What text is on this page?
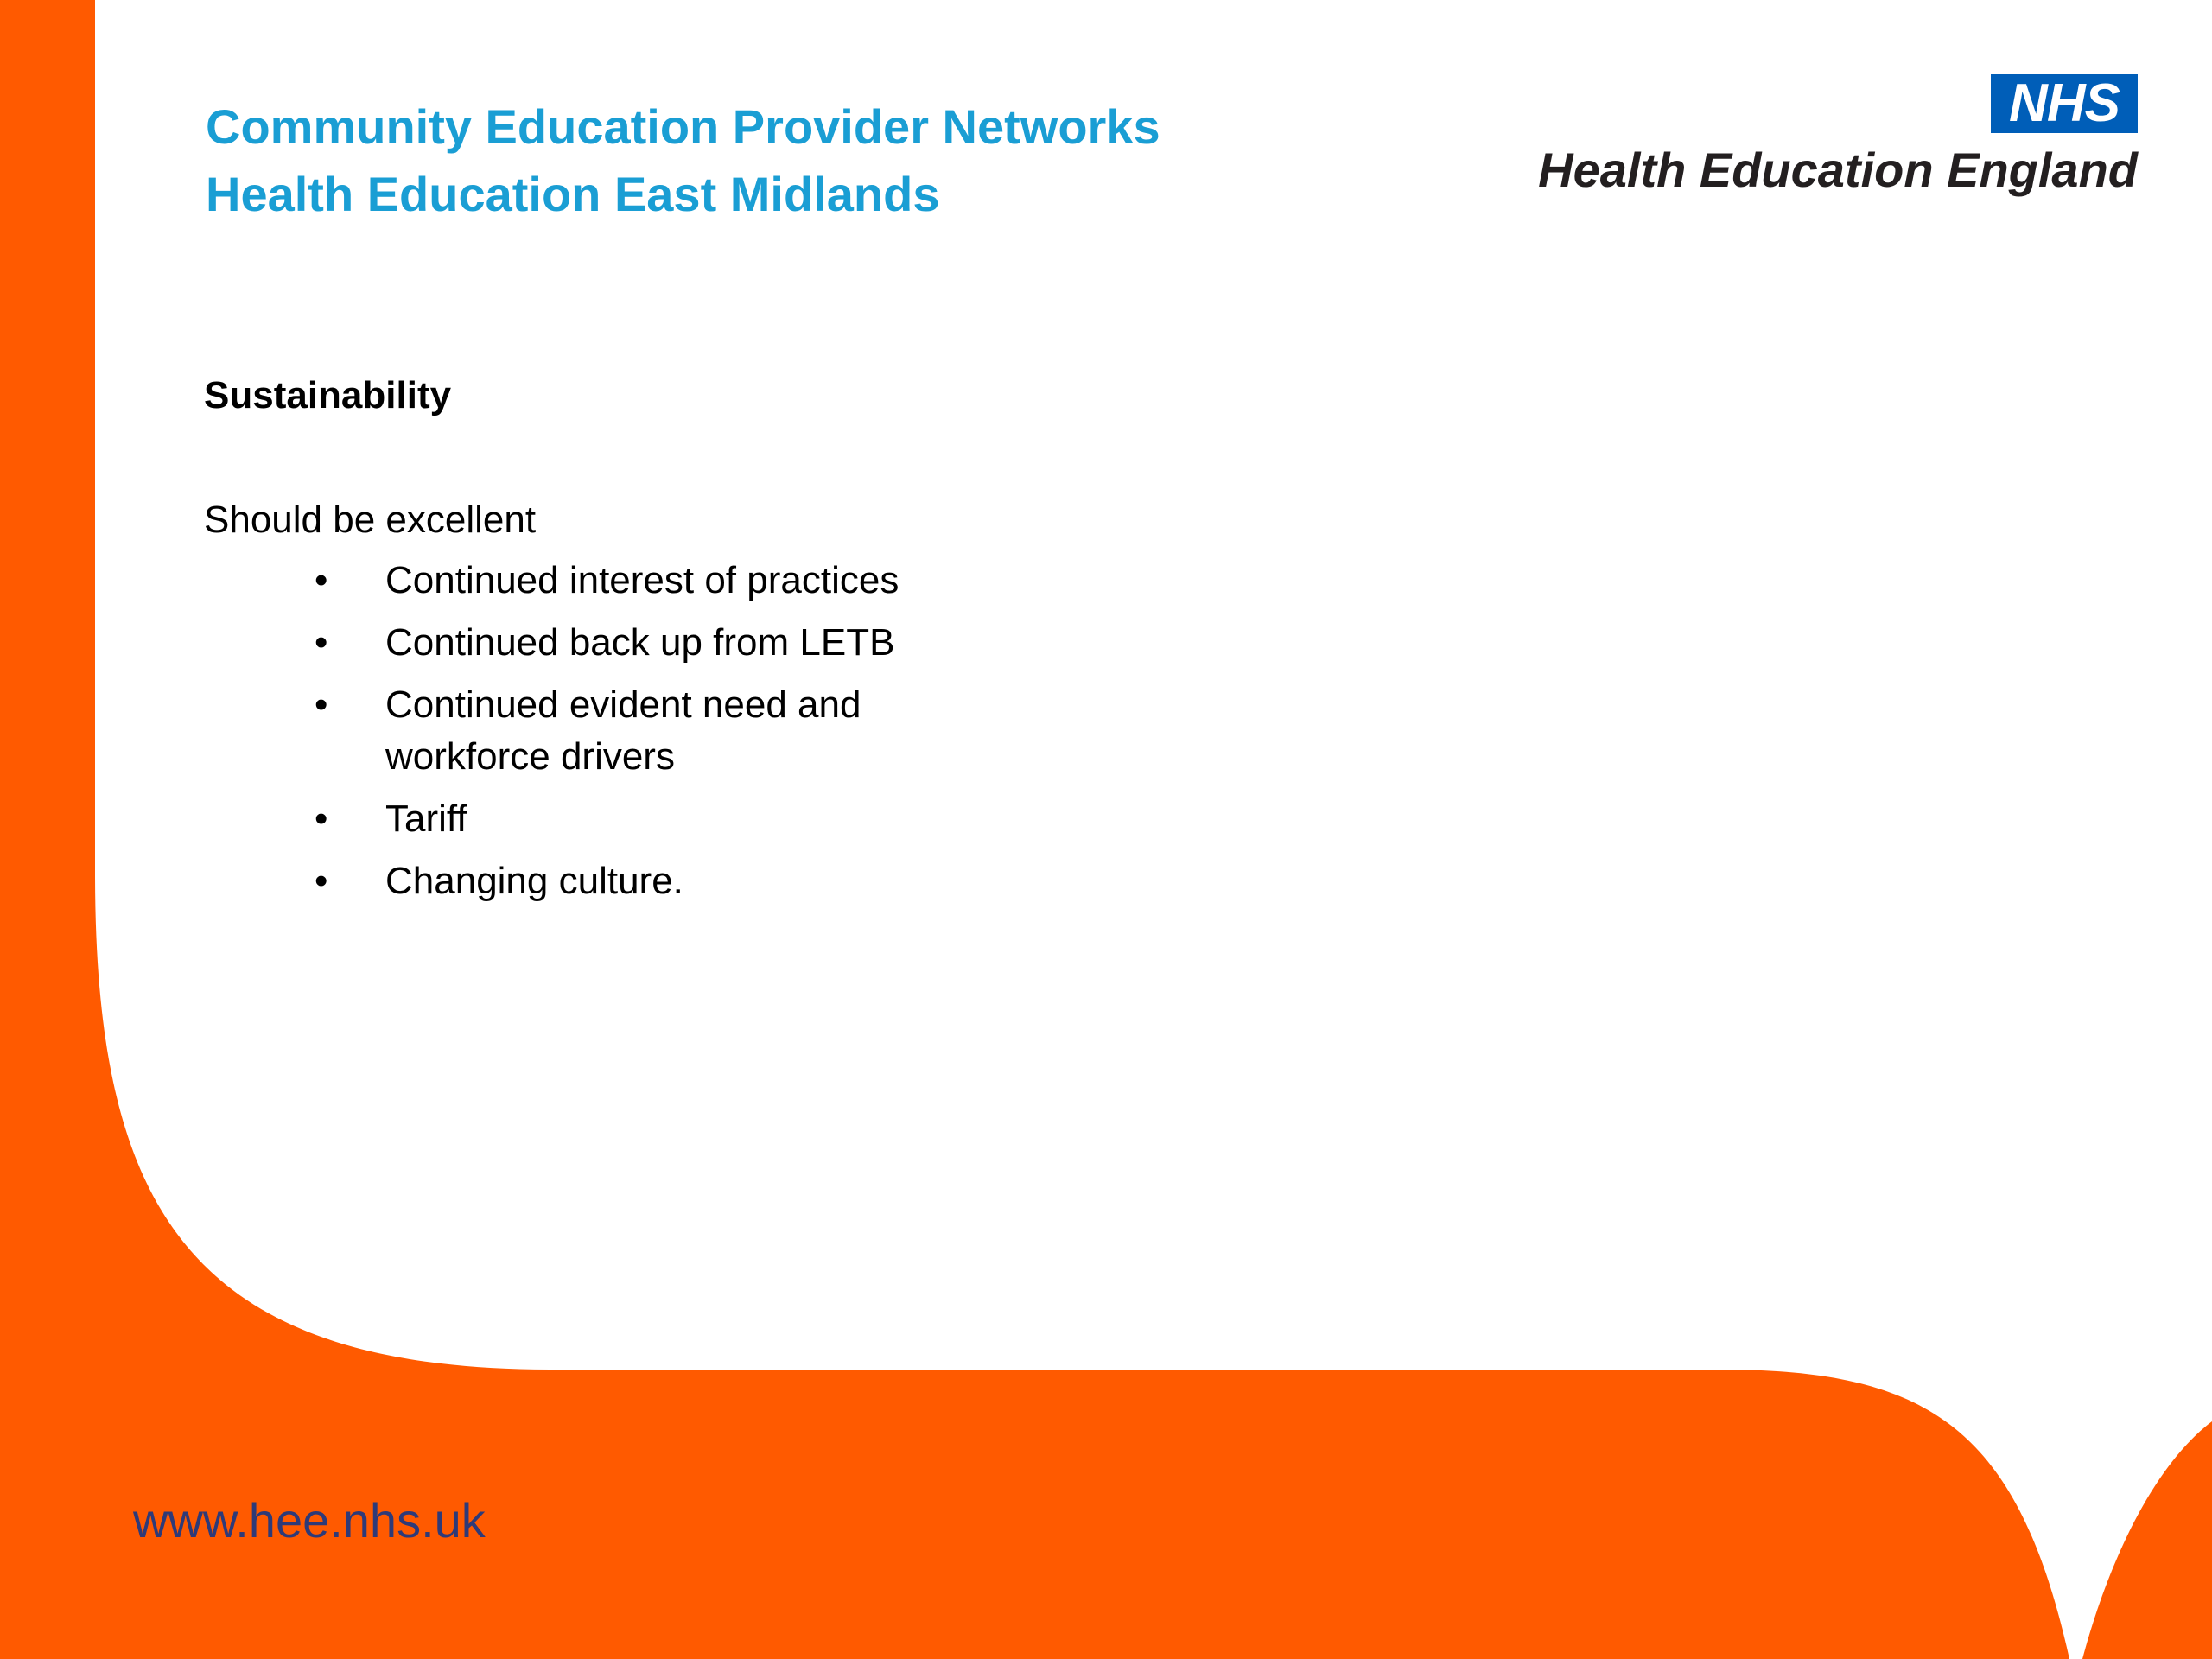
Community Education Provider Networks
Health Education East Midlands
NHS
Health Education England
Sustainability
Should be excellent
• Continued interest of practices
• Continued back up from LETB
• Continued evident need and workforce drivers
• Tariff
• Changing culture.
www.hee.nhs.uk
